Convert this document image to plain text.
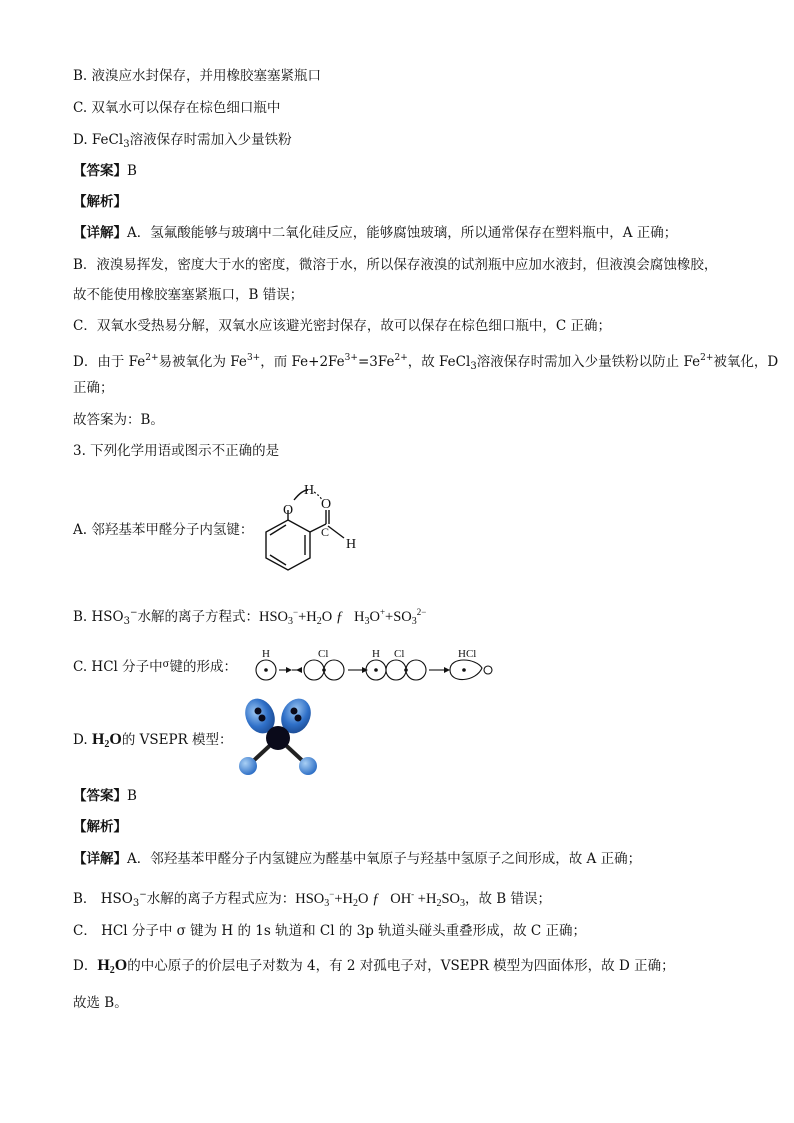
B. 液溴应水封保存，并用橡胶塞塞紧瓶口
C. 双氧水可以保存在棕色细口瓶中
D. FeCl$_3$溶液保存时需加入少量铁粉
【答案】B
【解析】
【详解】A．氢氟酸能够与玻璃中二氧化硅反应，能够腐蚀玻璃，所以通常保存在塑料瓶中，A 正确；
B．液溴易挥发，密度大于水的密度，微溶于水，所以保存液溴的试剂瓶中应加水液封，但液溴会腐蚀橡胶，
故不能使用橡胶塞塞紧瓶口，B 错误；
C．双氧水受热易分解，双氧水应该避光密封保存，故可以保存在棕色细口瓶中，C 正确；
D．由于 $Fe^{2+}$易被氧化为 $Fe^{3+}$，而 $Fe+2Fe^{3+}=3Fe^{2+}$，故 FeCl$_3$溶液保存时需加入少量铁粉以防止 $Fe^{2+}$被氧化，D
正确；
故答案为：B。
3. 下列化学用语或图示不正确的是
A. 邻羟基苯甲醛分子内氢键：
O
H
O
C
H
B. $HSO_3^-$水解的离子方程式：$HSO_3^-+H_2O$ ƒ $H_3O^++SO_3^{2-}$
C. HCl 分子中$^\sigma$键的形成：
H	Cl	H Cl	HCl
D. $H_2O$的 VSEPR 模型：
【答案】B
【解析】
【详解】A．邻羟基苯甲醛分子内氢键应为醛基中氧原子与羟基中氢原子之间形成，故 A 正确；
B． $HSO_3^-$水解的离子方程式应为：$HSO_3^-+H_2O$ ƒ $OH^- +H_2SO_3$，故 B 错误；
C． HCl 分子中 σ 键为 H 的 1s 轨道和 Cl 的 3p 轨道头碰头重叠形成，故 C 正确；
D．$H_2O$的中心原子的价层电子对数为 4，有 2 对孤电子对，VSEPR 模型为四面体形，故 D 正确；
故选 B。
